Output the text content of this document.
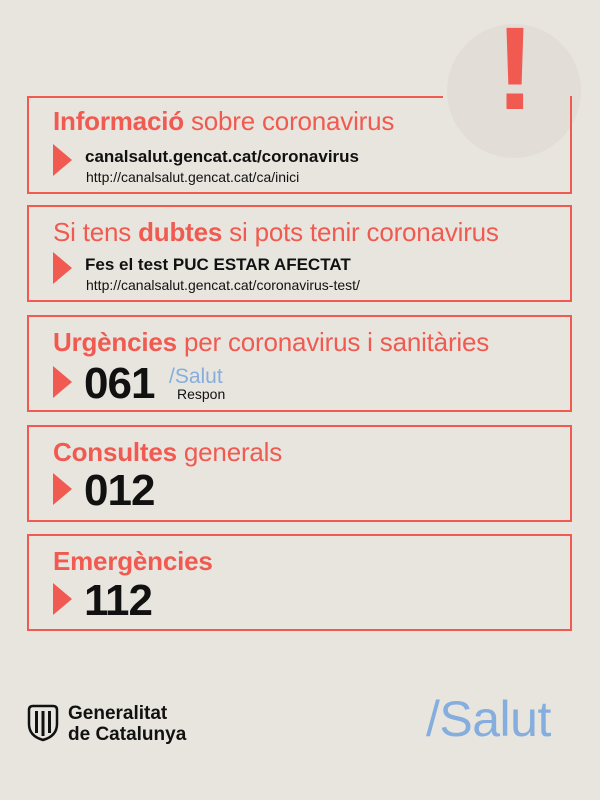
!
Informació sobre coronavirus
canalsalut.gencat.cat/coronavirus
http://canalsalut.gencat.cat/ca/inici
Si tens dubtes si pots tenir coronavirus
Fes el test PUC ESTAR AFECTAT
http://canalsalut.gencat.cat/coronavirus-test/
Urgències per coronavirus i sanitàries
061 /Salut
Respon
Consultes generals
012
Emergències
112
Generalitat
de Catalunya	/Salut
